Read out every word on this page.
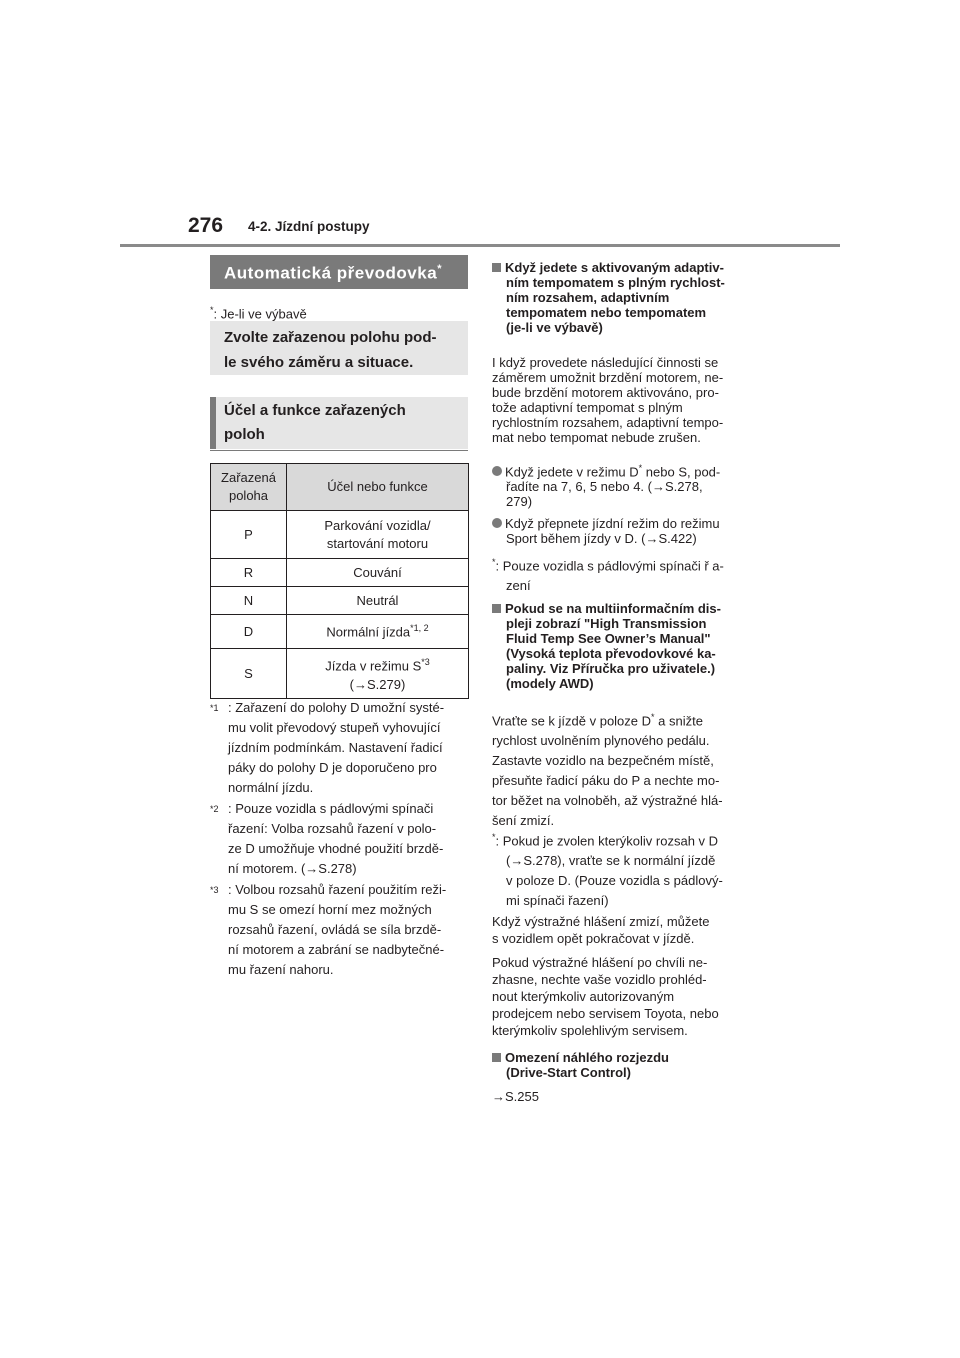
276 4-2. Jízdní postupy
Automatická převodovka*
*: Je-li ve výbavě
Zvolte zařazenou polohu pod-
le svého záměru a situace.
Účel a funkce zařazených
poloh
Zařazená poloha	Účel nebo funkce
P	Parkování vozidla/
startování motoru

R	Couvání
N	Neutrál
D	Normální jízda$^{*1, 2}$
S	Jízda v režimu $S^{*3}$
(→S.279)
*1 : Zařazení do polohy D umožní systé-
mu volit převodový stupeň vyhovující
jízdním podmínkám. Nastavení řadicí
páky do polohy D je doporučeno pro
normální jízdu.
*2 : Pouze vozidla s pádlovými spínači
řazení: Volba rozsahů řazení v polo-
ze D umožňuje vhodné použití brzdě-
ní motorem. (→S.278)
*3 : Volbou rozsahů řazení použitím reži-
mu S se omezí horní mez možných
rozsahů řazení, ovládá se síla brzdě-
ní motorem a zabrání se nadbytečné-
mu řazení nahoru.
Když jedete s aktivovaným adaptiv-
ním tempomatem s plným rychlost-
ním rozsahem, adaptivním
tempomatem nebo tempomatem
(je-li ve výbavě)
I když provedete následující činnosti se
záměrem umožnit brzdění motorem, ne-
bude brzdění motorem aktivováno, pro-
tože adaptivní tempomat s plným
rychlostním rozsahem, adaptivní tempo-
mat nebo tempomat nebude zrušen.
Když jedete v režimu D* nebo S, pod-
řadíte na 7, 6, 5 nebo 4. (→S.278,
279)
Když přepnete jízdní režim do režimu
Sport během jízdy v D. (→S.422)
*: Pouze vozidla s pádlovými spínači ř a-
zení
Pokud se na multiinformačním dis-
pleji zobrazí "High Transmission
Fluid Temp See Owner’s Manual"
(Vysoká teplota převodovkové ka-
paliny. Viz Příručka pro uživatele.)
(modely AWD)
Vraťte se k jízdě v poloze D* a snižte
rychlost uvolněním plynového pedálu.
Zastavte vozidlo na bezpečném místě,
přesuňte řadicí páku do P a nechte mo-
tor běžet na volnoběh, až výstražné hlá-
šení zmizí.
*: Pokud je zvolen kterýkoliv rozsah v D
(→S.278), vraťte se k normální jízdě
v poloze D. (Pouze vozidla s pádlový-
mi spínači řazení)
Když výstražné hlášení zmizí, můžete
s vozidlem opět pokračovat v jízdě.
Pokud výstražné hlášení po chvíli ne-
zhasne, nechte vaše vozidlo prohléd-
nout kterýmkoliv autorizovaným
prodejcem nebo servisem Toyota, nebo
kterýmkoliv spolehlivým servisem.
Omezení náhlého rozjezdu
(Drive-Start Control)
→S.255
